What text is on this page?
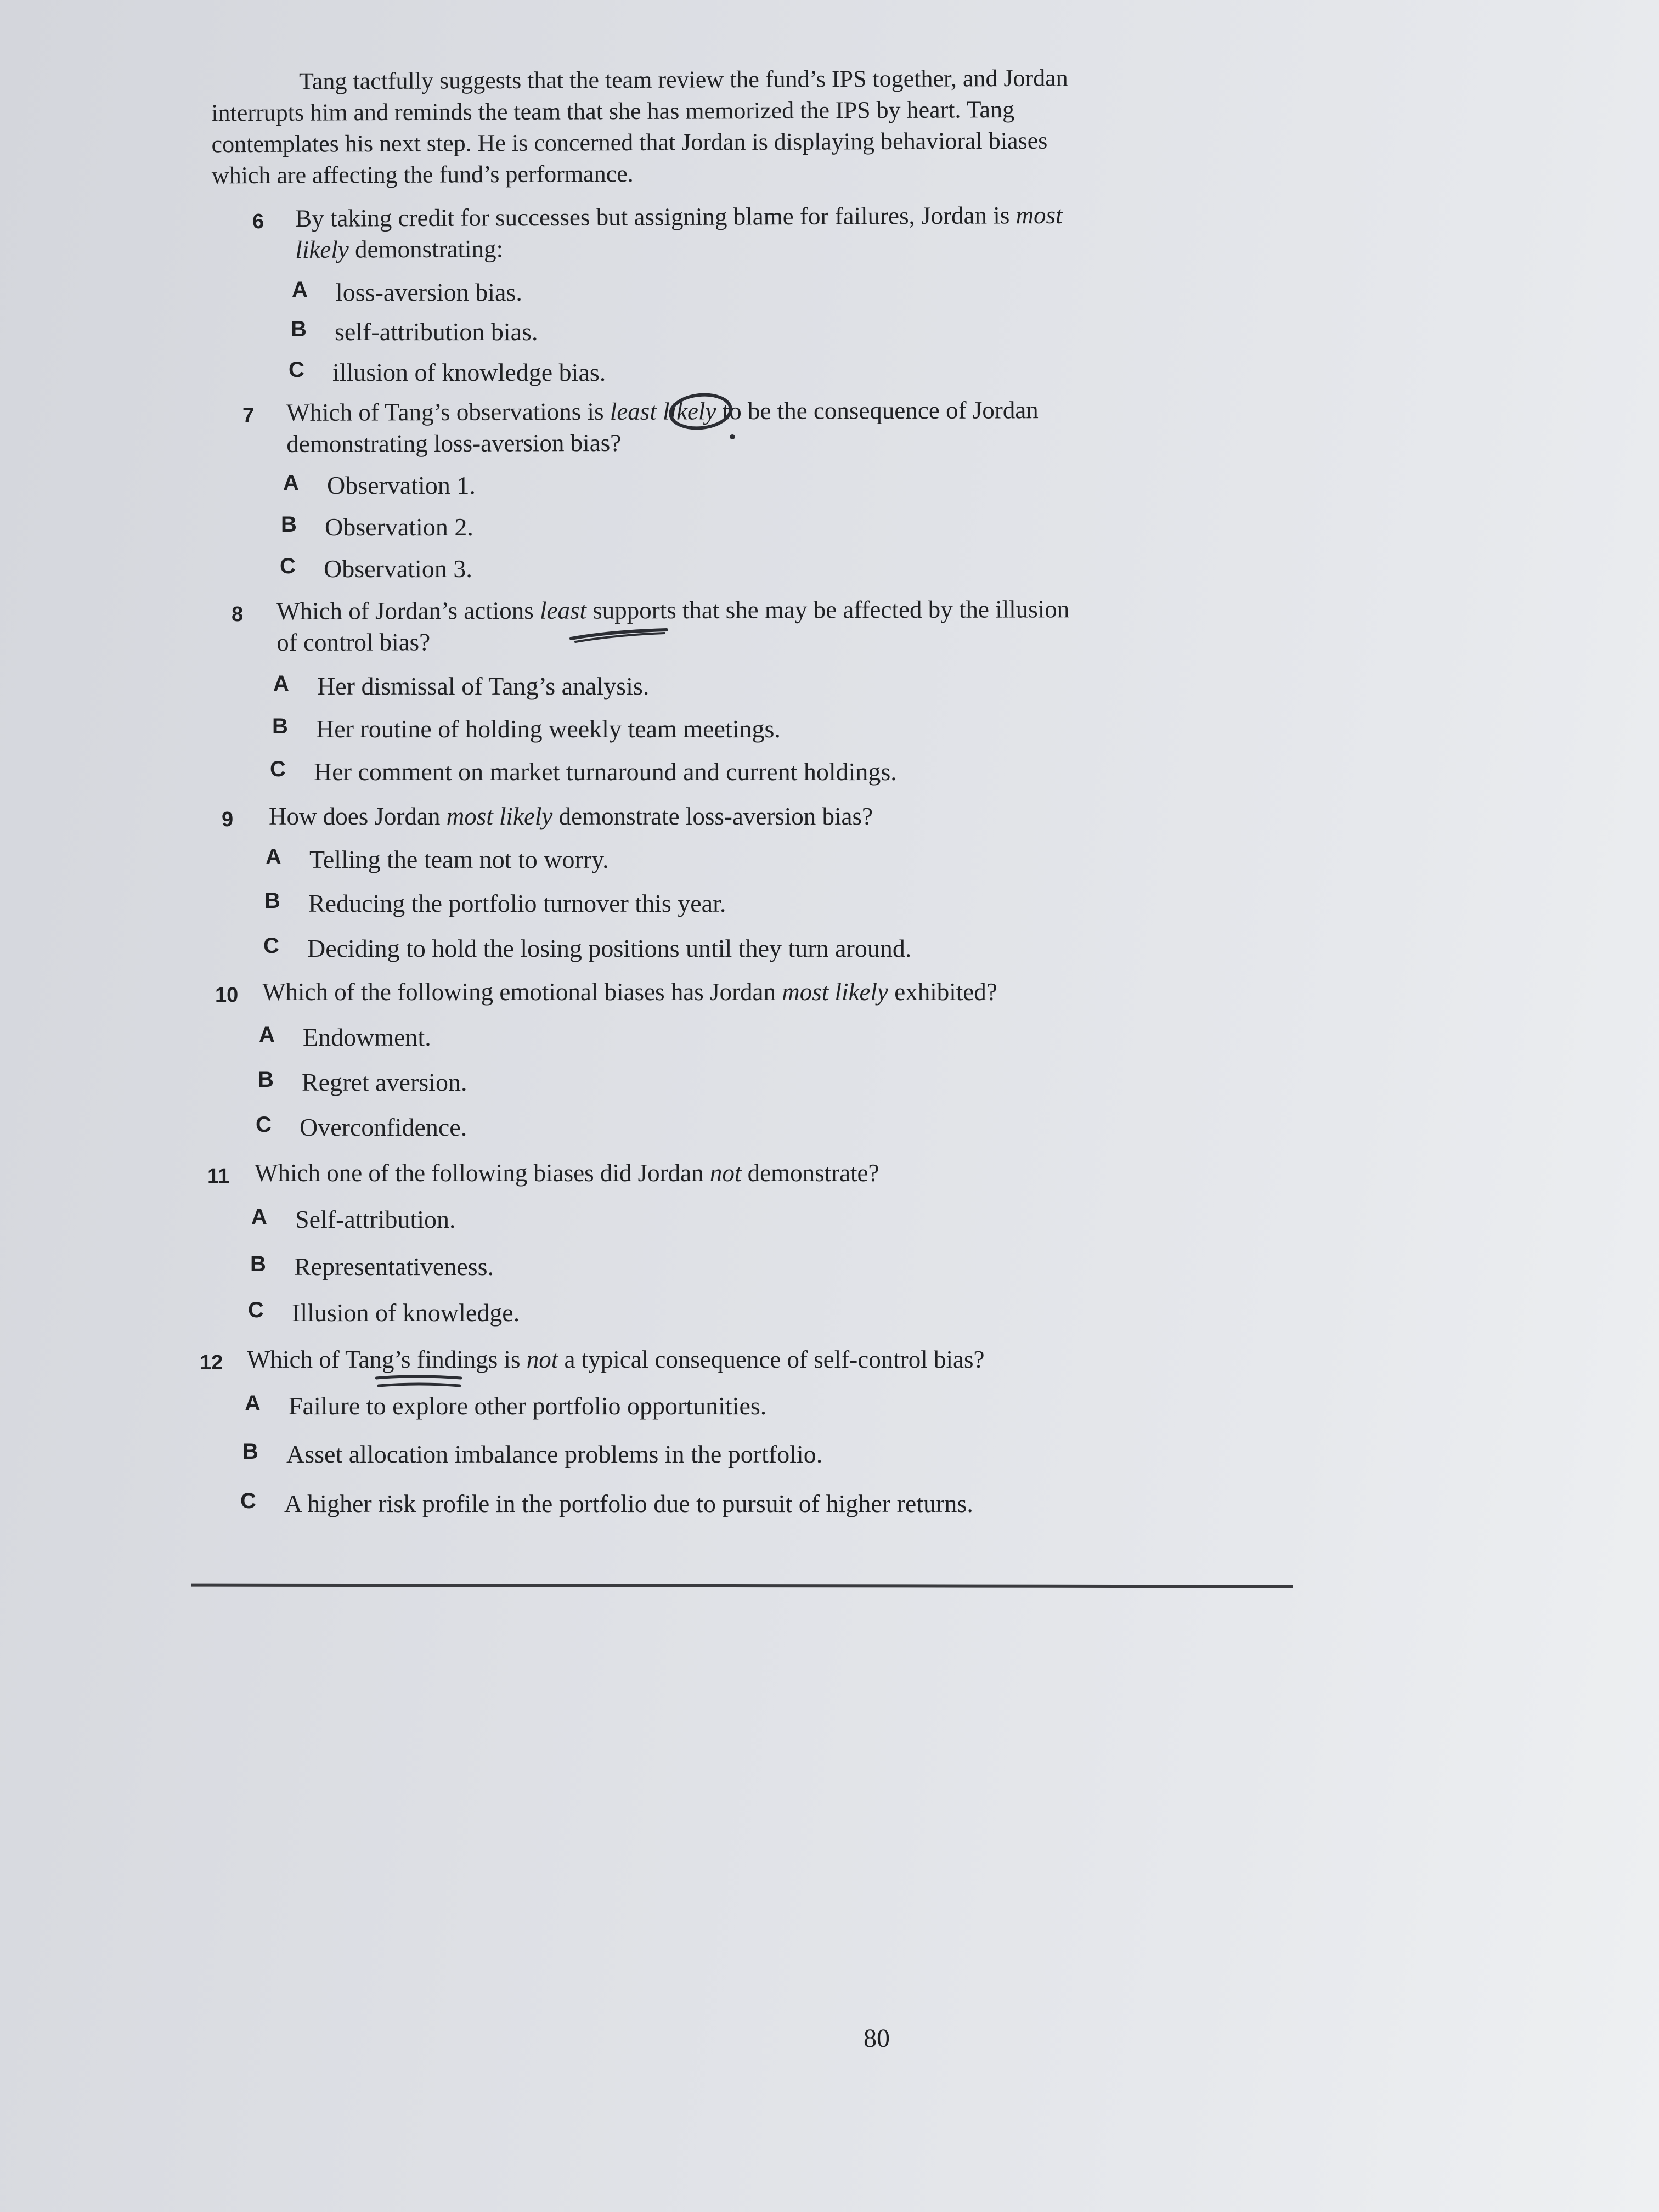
Tang tactfully suggests that the team review the fund’s IPS together, and Jordan
interrupts him and reminds the team that she has memorized the IPS by heart. Tang
contemplates his next step. He is concerned that Jordan is displaying behavioral biases
which are affecting the fund’s performance.

6 By taking credit for successes but assigning blame for failures, Jordan is most
likely demonstrating:
A loss-aversion bias.
B self-attribution bias.
C illusion of knowledge bias.
7 Which of Tang’s observations is least likely to be the consequence of Jordan
demonstrating loss-aversion bias?
A Observation 1.
B Observation 2.
C Observation 3.
8 Which of Jordan’s actions least supports that she may be affected by the illusion
of control bias?
A Her dismissal of Tang’s analysis.
B Her routine of holding weekly team meetings.
C Her comment on market turnaround and current holdings.
9 How does Jordan most likely demonstrate loss-aversion bias?
A Telling the team not to worry.
B Reducing the portfolio turnover this year.
C Deciding to hold the losing positions until they turn around.
10 Which of the following emotional biases has Jordan most likely exhibited?
A Endowment.
B Regret aversion.
C Overconfidence.
11 Which one of the following biases did Jordan not demonstrate?
A Self-attribution.
B Representativeness.
C Illusion of knowledge.
12 Which of Tang’s findings is not a typical consequence of self-control bias?
A Failure to explore other portfolio opportunities.
B Asset allocation imbalance problems in the portfolio.
C A higher risk profile in the portfolio due to pursuit of higher returns.
80
